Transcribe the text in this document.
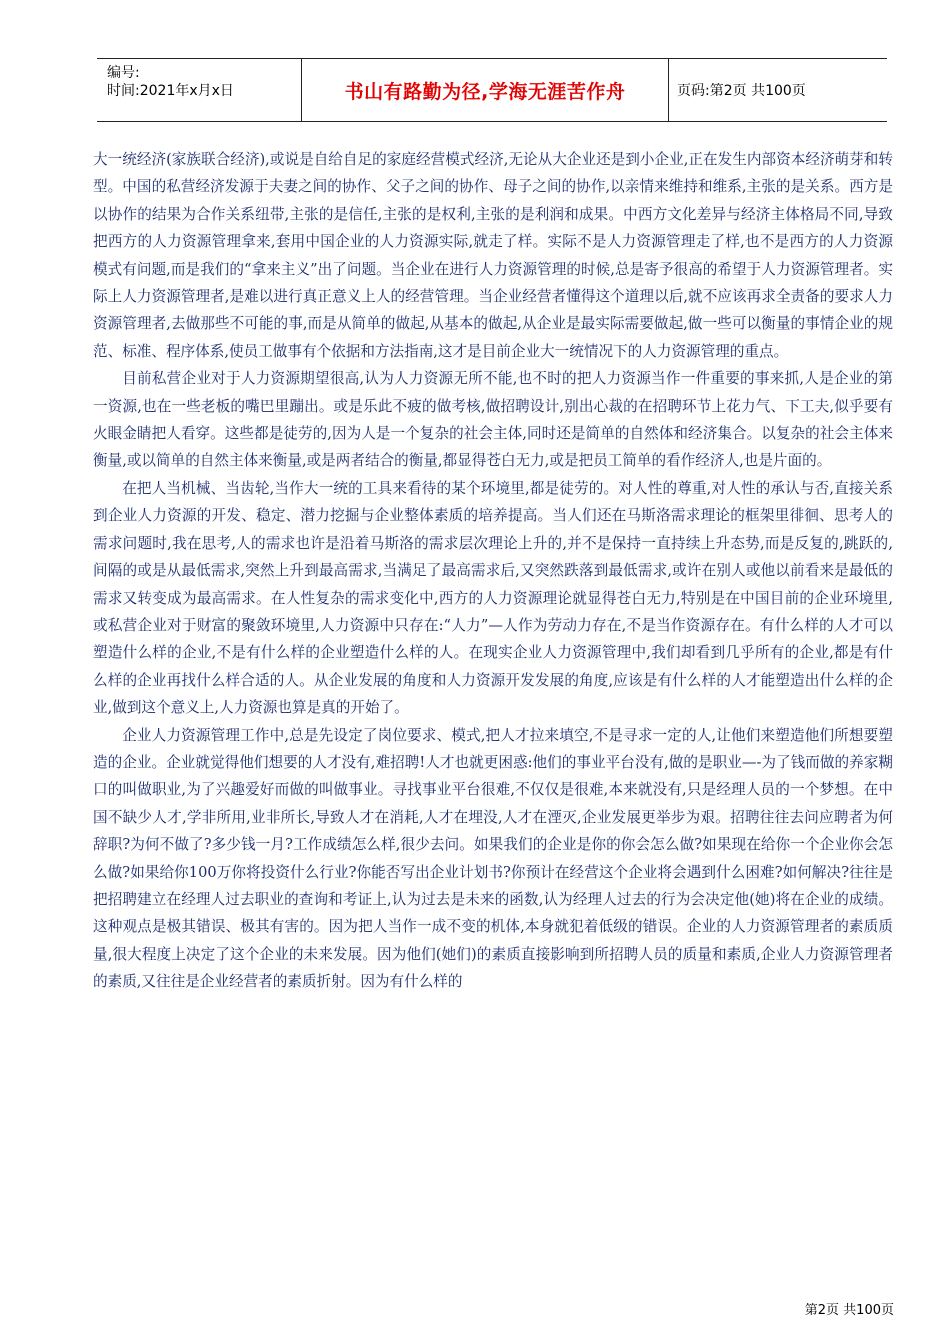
编号:
时间:2021年x月x日	书山有路勤为径,学海无涯苦作舟	页码:第2页 共100页

大一统经济(家族联合经济),或说是自给自足的家庭经营模式经济,无论从大企业还是到小企业,正在发生内部资本经济萌芽和转型。中国的私营经济发源于夫妻之间的协作、父子之间的协作、母子之间的协作,以亲情来维持和维系,主张的是关系。西方是以协作的结果为合作关系纽带,主张的是信任,主张的是权利,主张的是利润和成果。中西方文化差异与经济主体格局不同,导致把西方的人力资源管理拿来,套用中国企业的人力资源实际,就走了样。实际不是人力资源管理走了样,也不是西方的人力资源模式有问题,而是我们的“拿来主义”出了问题。当企业在进行人力资源管理的时候,总是寄予很高的希望于人力资源管理者。实际上人力资源管理者,是难以进行真正意义上人的经营管理。当企业经营者懂得这个道理以后,就不应该再求全责备的要求人力资源管理者,去做那些不可能的事,而是从简单的做起,从基本的做起,从企业是最实际需要做起,做一些可以衡量的事情企业的规范、标准、程序体系,使员工做事有个依据和方法指南,这才是目前企业大一统情况下的人力资源管理的重点。

目前私营企业对于人力资源期望很高,认为人力资源无所不能,也不时的把人力资源当作一件重要的事来抓,人是企业的第一资源,也在一些老板的嘴巴里蹦出。或是乐此不疲的做考核,做招聘设计,别出心裁的在招聘环节上花力气、下工夫,似乎要有火眼金睛把人看穿。这些都是徒劳的,因为人是一个复杂的社会主体,同时还是简单的自然体和经济集合。以复杂的社会主体来衡量,或以简单的自然主体来衡量,或是两者结合的衡量,都显得苍白无力,或是把员工简单的看作经济人,也是片面的。

在把人当机械、当齿轮,当作大一统的工具来看待的某个环境里,都是徒劳的。对人性的尊重,对人性的承认与否,直接关系到企业人力资源的开发、稳定、潜力挖掘与企业整体素质的培养提高。当人们还在马斯洛需求理论的框架里徘徊、思考人的需求问题时,我在思考,人的需求也许是沿着马斯洛的需求层次理论上升的,并不是保持一直持续上升态势,而是反复的,跳跃的,间隔的或是从最低需求,突然上升到最高需求,当满足了最高需求后,又突然跌落到最低需求,或许在别人或他以前看来是最低的需求又转变成为最高需求。在人性复杂的需求变化中,西方的人力资源理论就显得苍白无力,特别是在中国目前的企业环境里,或私营企业对于财富的聚敛环境里,人力资源中只存在:“人力”—人作为劳动力存在,不是当作资源存在。有什么样的人才可以塑造什么样的企业,不是有什么样的企业塑造什么样的人。在现实企业人力资源管理中,我们却看到几乎所有的企业,都是有什么样的企业再找什么样合适的人。从企业发展的角度和人力资源开发发展的角度,应该是有什么样的人才能塑造出什么样的企业,做到这个意义上,人力资源也算是真的开始了。

企业人力资源管理工作中,总是先设定了岗位要求、模式,把人才拉来填空,不是寻求一定的人,让他们来塑造他们所想要塑造的企业。企业就觉得他们想要的人才没有,难招聘!人才也就更困惑:他们的事业平台没有,做的是职业—-为了钱而做的养家糊口的叫做职业,为了兴趣爱好而做的叫做事业。寻找事业平台很难,不仅仅是很难,本来就没有,只是经理人员的一个梦想。在中国不缺少人才,学非所用,业非所长,导致人才在消耗,人才在埋没,人才在湮灭,企业发展更举步为艰。招聘往往去问应聘者为何辞职?为何不做了?多少钱一月?工作成绩怎么样,很少去问。如果我们的企业是你的你会怎么做?如果现在给你一个企业你会怎么做?如果给你100万你将投资什么行业?你能否写出企业计划书?你预计在经营这个企业将会遇到什么困难?如何解决?往往是把招聘建立在经理人过去职业的查询和考证上,认为过去是未来的函数,认为经理人过去的行为会决定他(她)将在企业的成绩。这种观点是极其错误、极其有害的。因为把人当作一成不变的机体,本身就犯着低级的错误。企业的人力资源管理者的素质质量,很大程度上决定了这个企业的未来发展。因为他们(她们)的素质直接影响到所招聘人员的质量和素质,企业人力资源管理者的素质,又往往是企业经营者的素质折射。因为有什么样的

第2页 共100页
